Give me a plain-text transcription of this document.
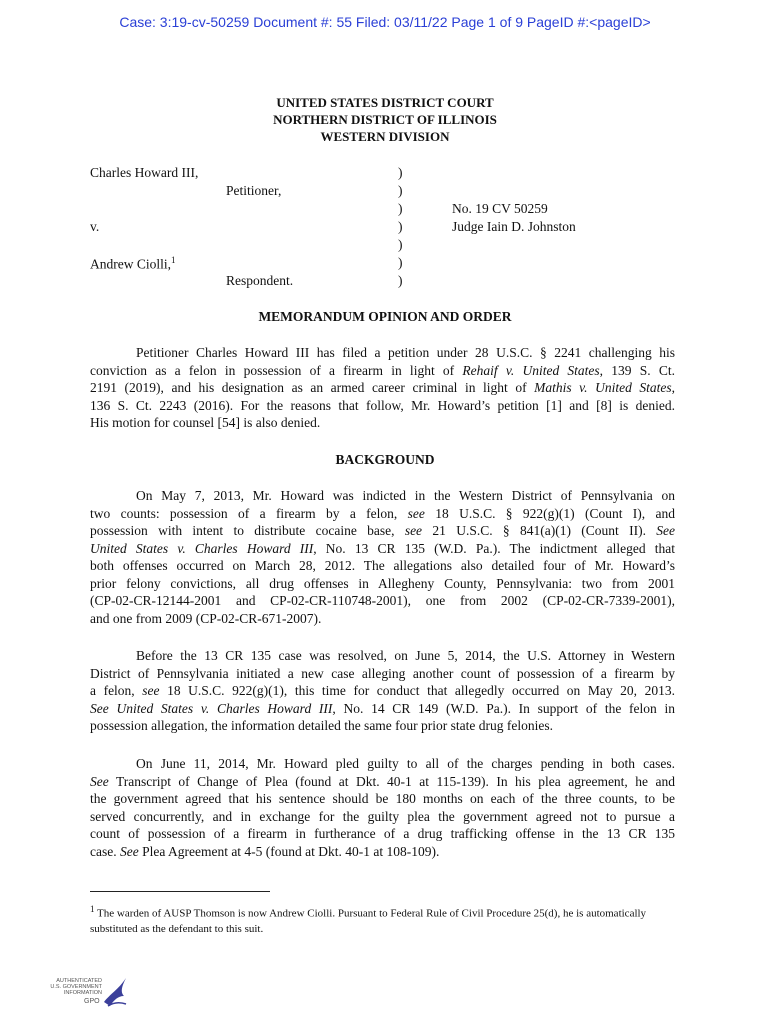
Case: 3:19-cv-50259 Document #: 55 Filed: 03/11/22 Page 1 of 9 PageID #:<pageID>
UNITED STATES DISTRICT COURT
NORTHERN DISTRICT OF ILLINOIS
WESTERN DIVISION
Charles Howard III,	)
Petitioner,	)
)	No. 19 CV 50259
v.	)	Judge Iain D. Johnston
)
Andrew Ciolli,$^1$	)
Respondent.	)
MEMORANDUM OPINION AND ORDER
Petitioner Charles Howard III has filed a petition under 28 U.S.C. § 2241 challenging his
conviction as a felon in possession of a firearm in light of Rehaif v. United States, 139 S. Ct.
2191 (2019), and his designation as an armed career criminal in light of Mathis v. United States,
136 S. Ct. 2243 (2016). For the reasons that follow, Mr. Howard’s petition [1] and [8] is denied.
His motion for counsel [54] is also denied.
BACKGROUND
On May 7, 2013, Mr. Howard was indicted in the Western District of Pennsylvania on
two counts: possession of a firearm by a felon, see 18 U.S.C. § 922(g)(1) (Count I), and
possession with intent to distribute cocaine base, see 21 U.S.C. § 841(a)(1) (Count II). See
United States v. Charles Howard III, No. 13 CR 135 (W.D. Pa.). The indictment alleged that
both offenses occurred on March 28, 2012. The allegations also detailed four of Mr. Howard’s
prior felony convictions, all drug offenses in Allegheny County, Pennsylvania: two from 2001
(CP-02-CR-12144-2001 and CP-02-CR-110748-2001), one from 2002 (CP-02-CR-7339-2001),
and one from 2009 (CP-02-CR-671-2007).
Before the 13 CR 135 case was resolved, on June 5, 2014, the U.S. Attorney in Western
District of Pennsylvania initiated a new case alleging another count of possession of a firearm by
a felon, see 18 U.S.C. 922(g)(1), this time for conduct that allegedly occurred on May 20, 2013.
See United States v. Charles Howard III, No. 14 CR 149 (W.D. Pa.). In support of the felon in
possession allegation, the information detailed the same four prior state drug felonies.
On June 11, 2014, Mr. Howard pled guilty to all of the charges pending in both cases.
See Transcript of Change of Plea (found at Dkt. 40-1 at 115-139). In his plea agreement, he and
the government agreed that his sentence should be 180 months on each of the three counts, to be
served concurrently, and in exchange for the guilty plea the government agreed not to pursue a
count of possession of a firearm in furtherance of a drug trafficking offense in the 13 CR 135
case. See Plea Agreement at 4-5 (found at Dkt. 40-1 at 108-109).
$^1$ The warden of AUSP Thomson is now Andrew Ciolli. Pursuant to Federal Rule of Civil Procedure 25(d), he is automatically substituted as the defendant to this suit.
AUTHENTICATED
U.S. GOVERNMENT
INFORMATION
GPO
